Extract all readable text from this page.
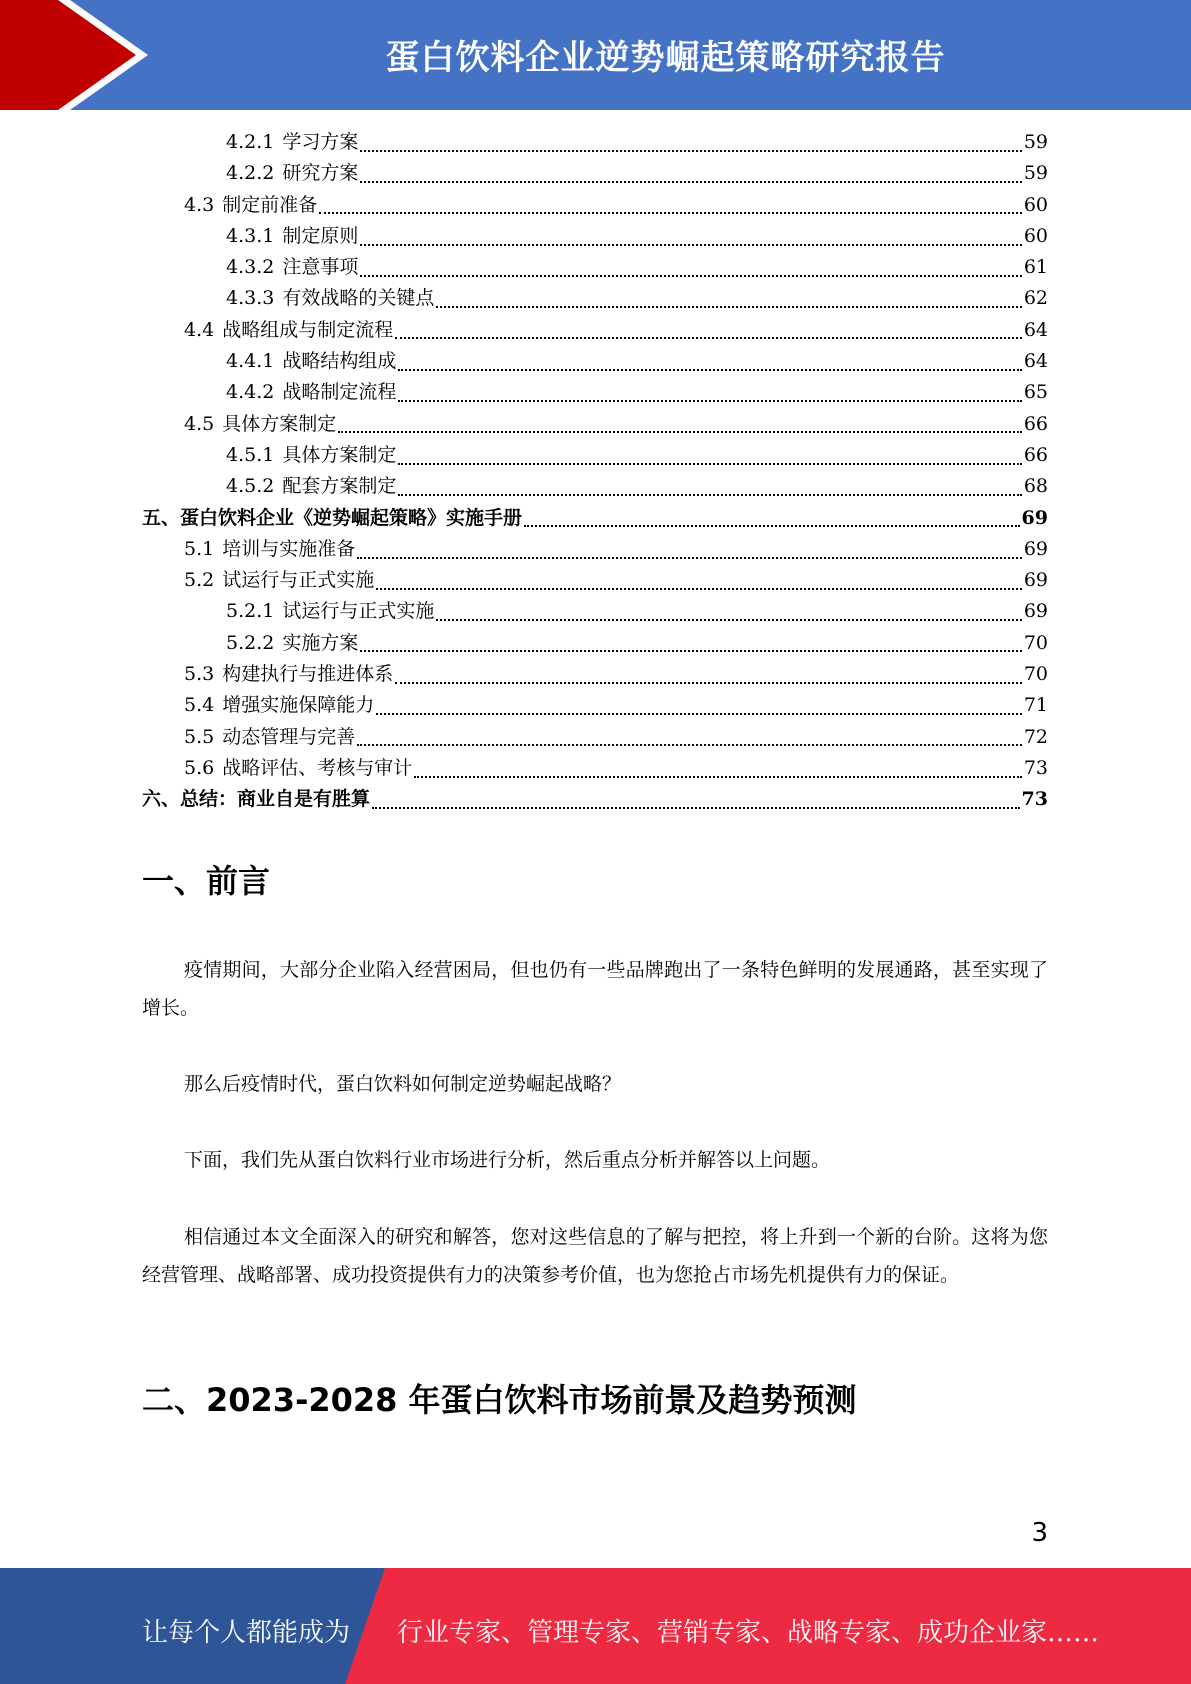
蛋白饮料企业逆势崛起策略研究报告
4.2.1 学习方案	59
4.2.2 研究方案	59
4.3 制定前准备	60
4.3.1 制定原则	60
4.3.2 注意事项	61
4.3.3 有效战略的关键点	62
4.4 战略组成与制定流程	64
4.4.1 战略结构组成	64
4.4.2 战略制定流程	65
4.5 具体方案制定	66
4.5.1 具体方案制定	66
4.5.2 配套方案制定	68
五、 蛋白饮料企业《逆势崛起策略》实施手册	69
5.1 培训与实施准备	69
5.2 试运行与正式实施	69
5.2.1 试运行与正式实施	69
5.2.2 实施方案	70
5.3 构建执行与推进体系	70
5.4 增强实施保障能力	71
5.5 动态管理与完善	72
5.6 战略评估、考核与审计	73
六、 总结：商业自是有胜算	73
一、前言

疫情期间，大部分企业陷入经营困局，但也仍有一些品牌跑出了一条特色鲜明的发展通路，甚至实现了增长。

那么后疫情时代，蛋白饮料如何制定逆势崛起战略？

下面，我们先从蛋白饮料行业市场进行分析，然后重点分析并解答以上问题。

相信通过本文全面深入的研究和解答，您对这些信息的了解与把控，将上升到一个新的台阶。这将为您经营管理、战略部署、成功投资提供有力的决策参考价值，也为您抢占市场先机提供有力的保证。

二、2023-2028 年蛋白饮料市场前景及趋势预测
3
让每个人都能成为 行业专家、管理专家、营销专家、战略专家、成功企业家……
